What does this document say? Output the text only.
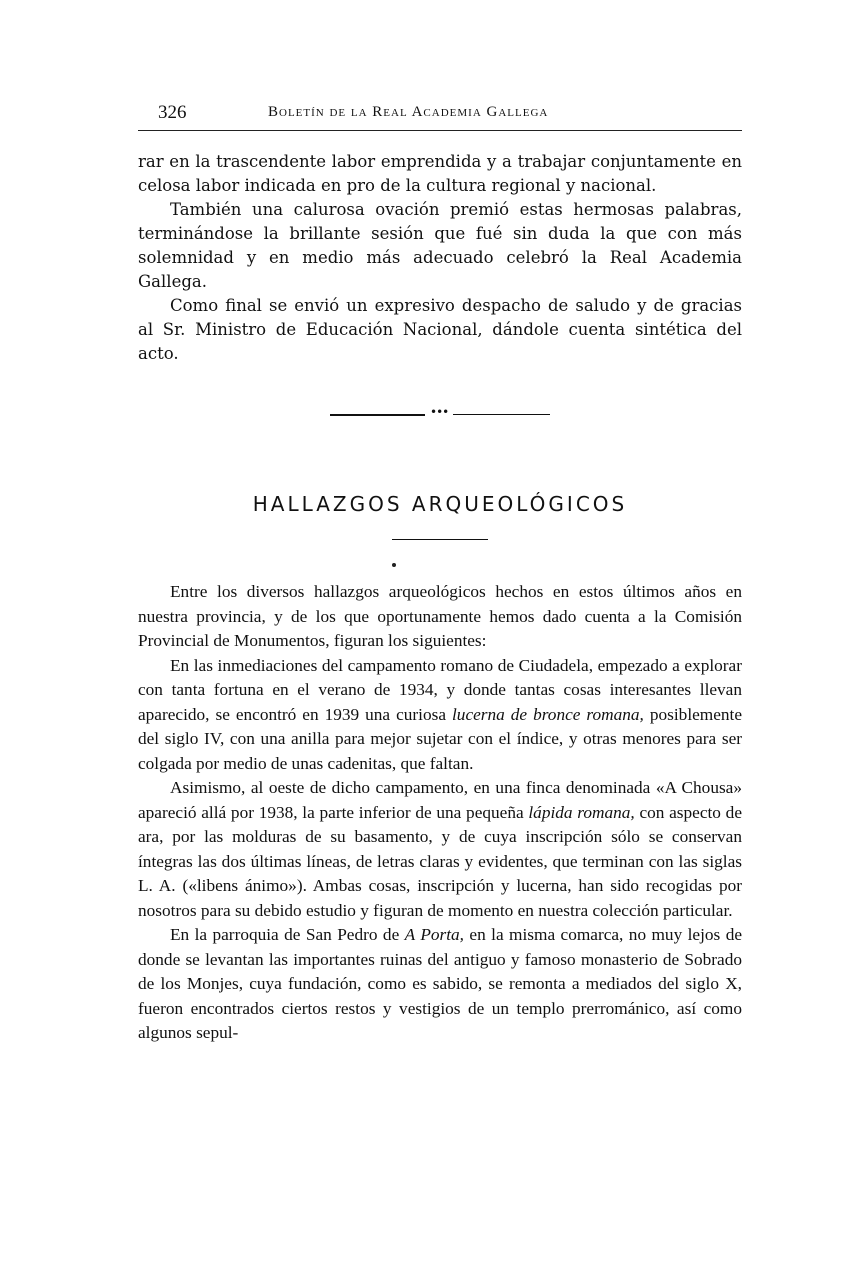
326	Boletín de la Real Academia Gallega

rar en la trascendente labor emprendida y a trabajar conjuntamente en celosa labor indicada en pro de la cultura regional y nacional.

También una calurosa ovación premió estas hermosas palabras, terminándose la brillante sesión que fué sin duda la que con más solemnidad y en medio más adecuado celebró la Real Academia Gallega.

Como final se envió un expresivo despacho de saludo y de gracias al Sr. Ministro de Educación Nacional, dándole cuenta sintética del acto.

•••
HALLAZGOS ARQUEOLÓGICOS

Entre los diversos hallazgos arqueológicos hechos en estos últimos años en nuestra provincia, y de los que oportunamente hemos dado cuenta a la Comisión Provincial de Monumentos, figuran los siguientes:

En las inmediaciones del campamento romano de Ciudadela, empezado a explorar con tanta fortuna en el verano de 1934, y donde tantas cosas interesantes llevan aparecido, se encontró en 1939 una curiosa lucerna de bronce romana, posiblemente del siglo IV, con una anilla para mejor sujetar con el índice, y otras menores para ser colgada por medio de unas cadenitas, que faltan.

Asimismo, al oeste de dicho campamento, en una finca denominada «A Chousa» apareció allá por 1938, la parte inferior de una pequeña lápida romana, con aspecto de ara, por las molduras de su basamento, y de cuya inscripción sólo se conservan íntegras las dos últimas líneas, de letras claras y evidentes, que terminan con las siglas L. A. («libens ánimo»). Ambas cosas, inscripción y lucerna, han sido recogidas por nosotros para su debido estudio y figuran de momento en nuestra colección particular.

En la parroquia de San Pedro de A Porta, en la misma comarca, no muy lejos de donde se levantan las importantes ruinas del antiguo y famoso monasterio de Sobrado de los Monjes, cuya fundación, como es sabido, se remonta a mediados del siglo X, fueron encontrados ciertos restos y vestigios de un templo prerrománico, así como algunos sepul-
